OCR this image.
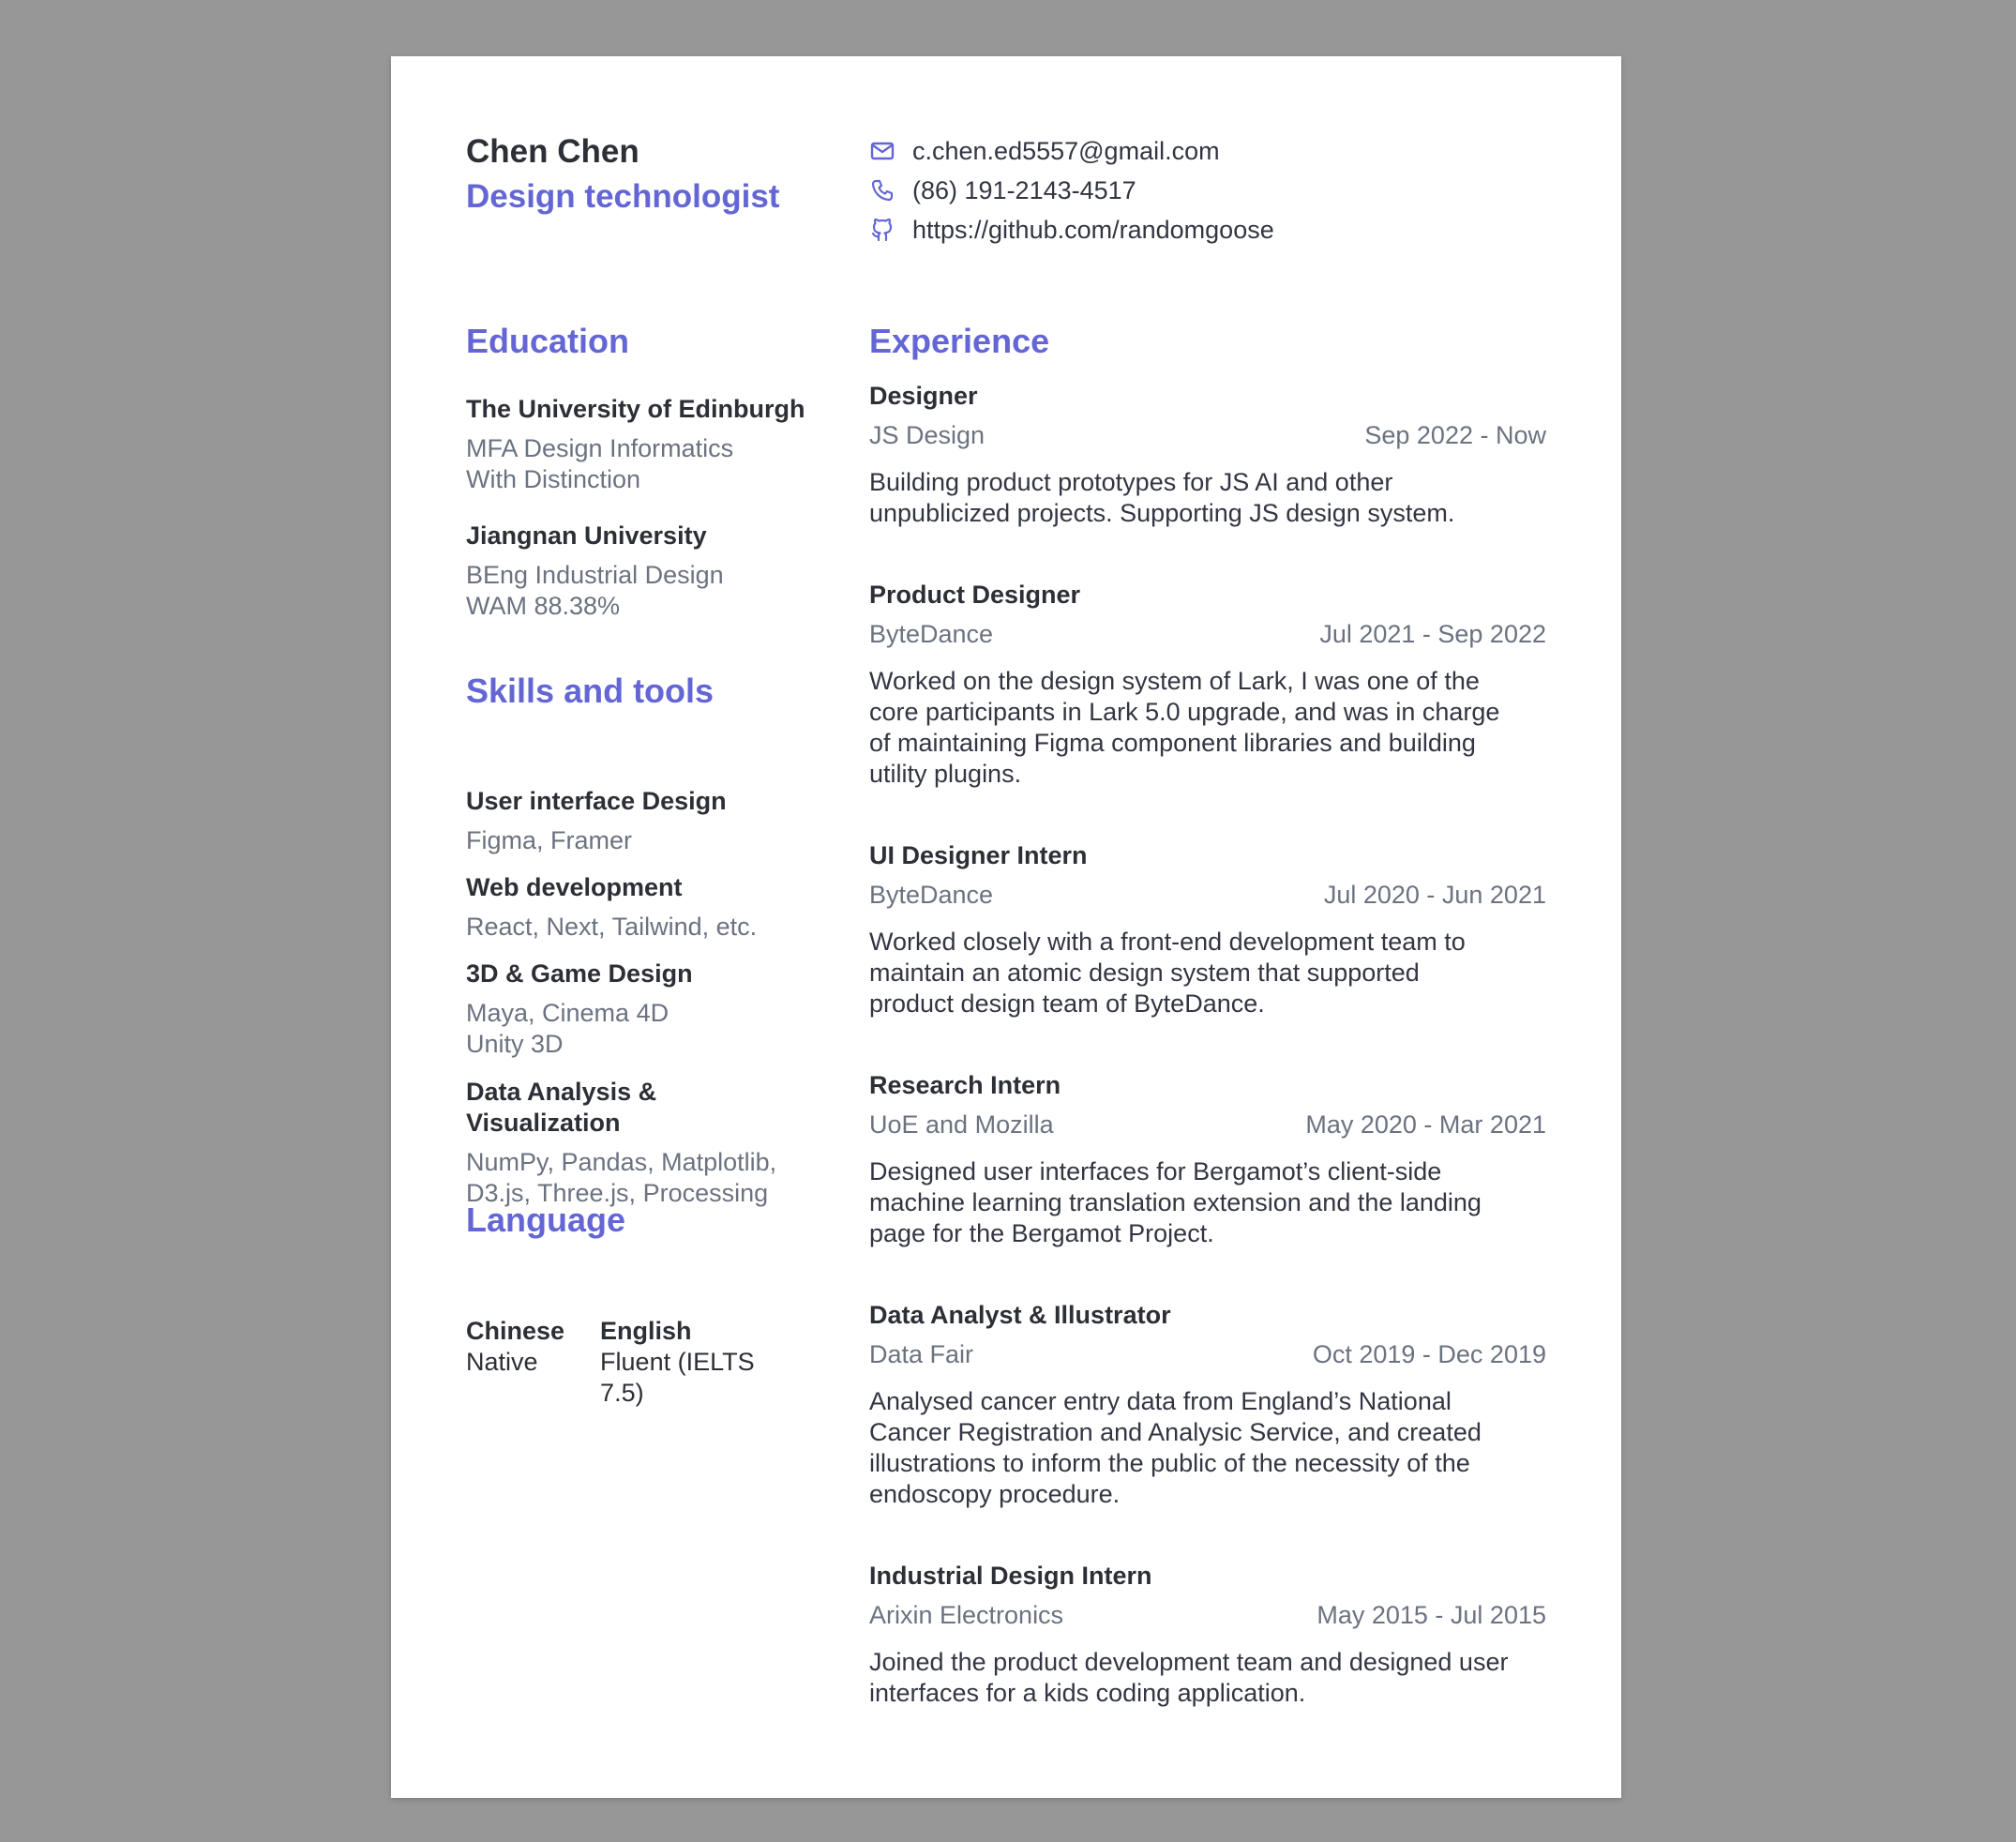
Chen Chen
Design technologist
Education
The University of Edinburgh
MFA Design Informatics
With Distinction
Jiangnan University
BEng Industrial Design
WAM 88.38%
Skills and tools
User interface Design
Figma, Framer
Web development
React, Next, Tailwind, etc.
3D & Game Design
Maya, Cinema 4D
Unity 3D
Data Analysis &
Visualization
NumPy, Pandas, Matplotlib,
D3.js, Three.js, Processing
Language
Chinese
Native
English
Fluent (IELTS 7.5)
c.chen.ed5557@gmail.com
(86) 191-2143-4517
https://github.com/randomgoose
Experience
Designer
JS Design	Sep 2022 - Now
Building product prototypes for JS AI and other
unpublicized projects. Supporting JS design system.
Product Designer
ByteDance	Jul 2021 - Sep 2022
Worked on the design system of Lark, I was one of the
core participants in Lark 5.0 upgrade, and was in charge
of maintaining Figma component libraries and building
utility plugins.
UI Designer Intern
ByteDance	Jul 2020 - Jun 2021
Worked closely with a front-end development team to
maintain an atomic design system that supported
product design team of ByteDance.
Research Intern
UoE and Mozilla	May 2020 - Mar 2021
Designed user interfaces for Bergamot’s client-side
machine learning translation extension and the landing
page for the Bergamot Project.
Data Analyst & Illustrator
Data Fair	Oct 2019 - Dec 2019
Analysed cancer entry data from England’s National
Cancer Registration and Analysic Service, and created
illustrations to inform the public of the necessity of the
endoscopy procedure.
Industrial Design Intern
Arixin Electronics	May 2015 - Jul 2015
Joined the product development team and designed user
interfaces for a kids coding application.
